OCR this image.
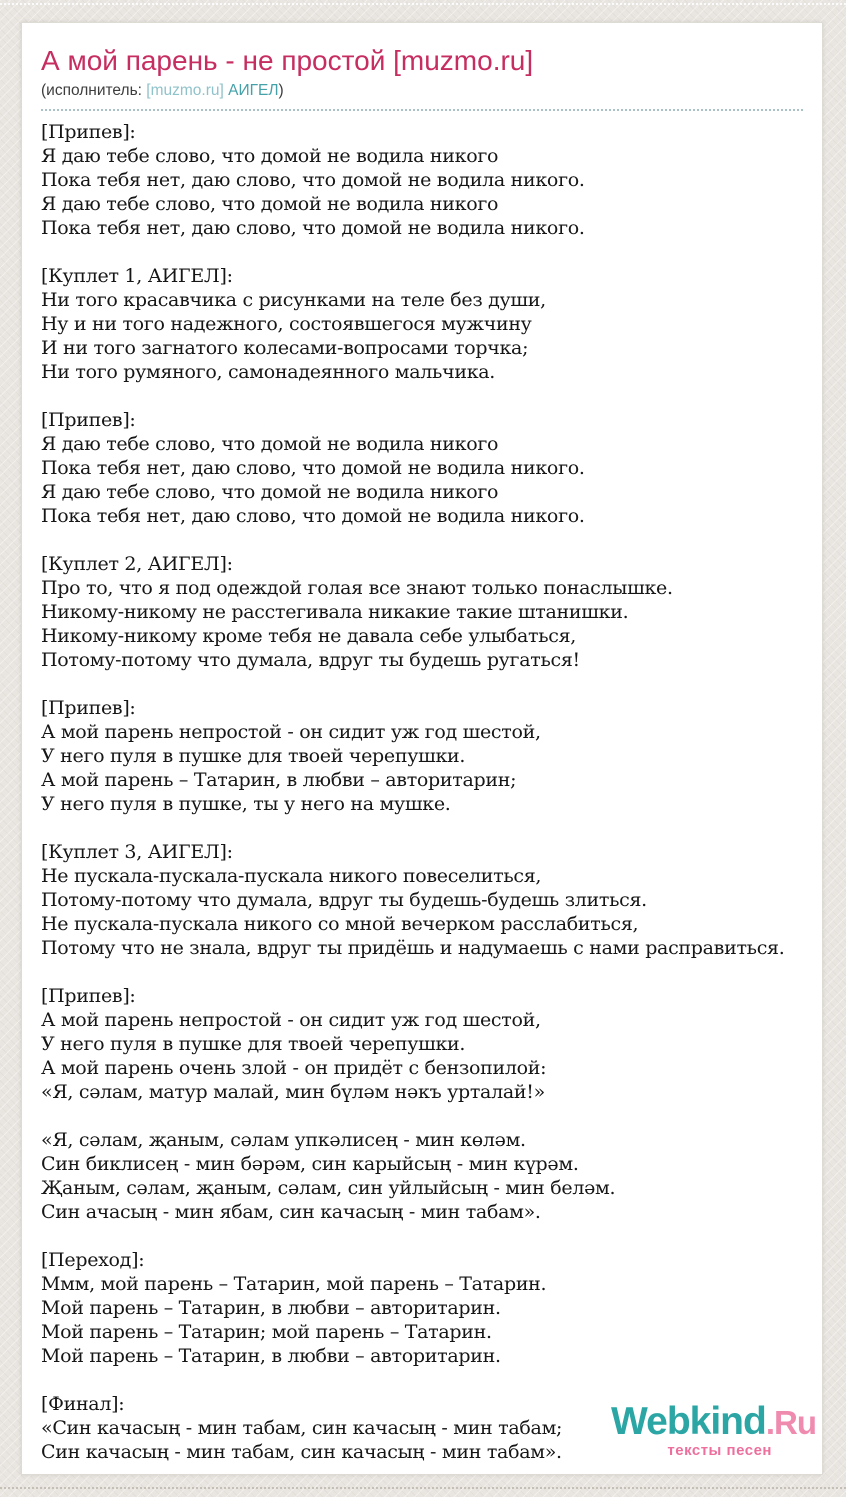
А мой парень - не простой [muzmo.ru]
(исполнитель: [muzmo.ru] АИГЕЛ)
[Припев]:
Я даю тебе слово, что домой не водила никого
Пока тебя нет, даю слово, что домой не водила никого.
Я даю тебе слово, что домой не водила никого
Пока тебя нет, даю слово, что домой не водила никого.
[Куплет 1, АИГЕЛ]:
Ни того красавчика с рисунками на теле без души,
Ну и ни того надежного, состоявшегося мужчину
И ни того загнатого колесами-вопросами торчка;
Ни того румяного, самонадеянного мальчика.
[Припев]:
Я даю тебе слово, что домой не водила никого
Пока тебя нет, даю слово, что домой не водила никого.
Я даю тебе слово, что домой не водила никого
Пока тебя нет, даю слово, что домой не водила никого.
[Куплет 2, АИГЕЛ]:
Про то, что я под одеждой голая все знают только понаслышке.
Никому-никому не расстегивала никакие такие штанишки.
Никому-никому кроме тебя не давала себе улыбаться,
Потому-потому что думала, вдруг ты будешь ругаться!
[Припев]:
А мой парень непростой - он сидит уж год шестой,
У него пуля в пушке для твоей черепушки.
А мой парень – Татарин, в любви – авторитарин;
У него пуля в пушке, ты у него на мушке.
[Куплет 3, АИГЕЛ]:
Не пускала-пускала-пускала никого повеселиться,
Потому-потому что думала, вдруг ты будешь-будешь злиться.
Не пускала-пускала никого со мной вечерком расслабиться,
Потому что не знала, вдруг ты придёшь и надумаешь с нами расправиться.
[Припев]:
А мой парень непростой - он сидит уж год шестой,
У него пуля в пушке для твоей черепушки.
А мой парень очень злой - он придёт с бензопилой:
«Я, сәлам, матур малай, мин бүләм нәкъ урталай!»
«Я, сәлам, җаным, сәлам упкәлисең - мин көләм.
Син биклисең - мин бәрәм, син карыйсың - мин күрәм.
Җаным, сәлам, җаным, сәлам, син уйлыйсың - мин беләм.
Син ачасың - мин ябам, син качасың - мин табам».
[Переход]:
Ммм, мой парень – Татарин, мой парень – Татарин.
Мой парень – Татарин, в любви – авторитарин.
Мой парень – Татарин; мой парень – Татарин.
Мой парень – Татарин, в любви – авторитарин.
[Финал]:
«Син качасың - мин табам, син качасың - мин табам;
Син качасың - мин табам, син качасың - мин табам».
Webkind.Ru
тексты песен
